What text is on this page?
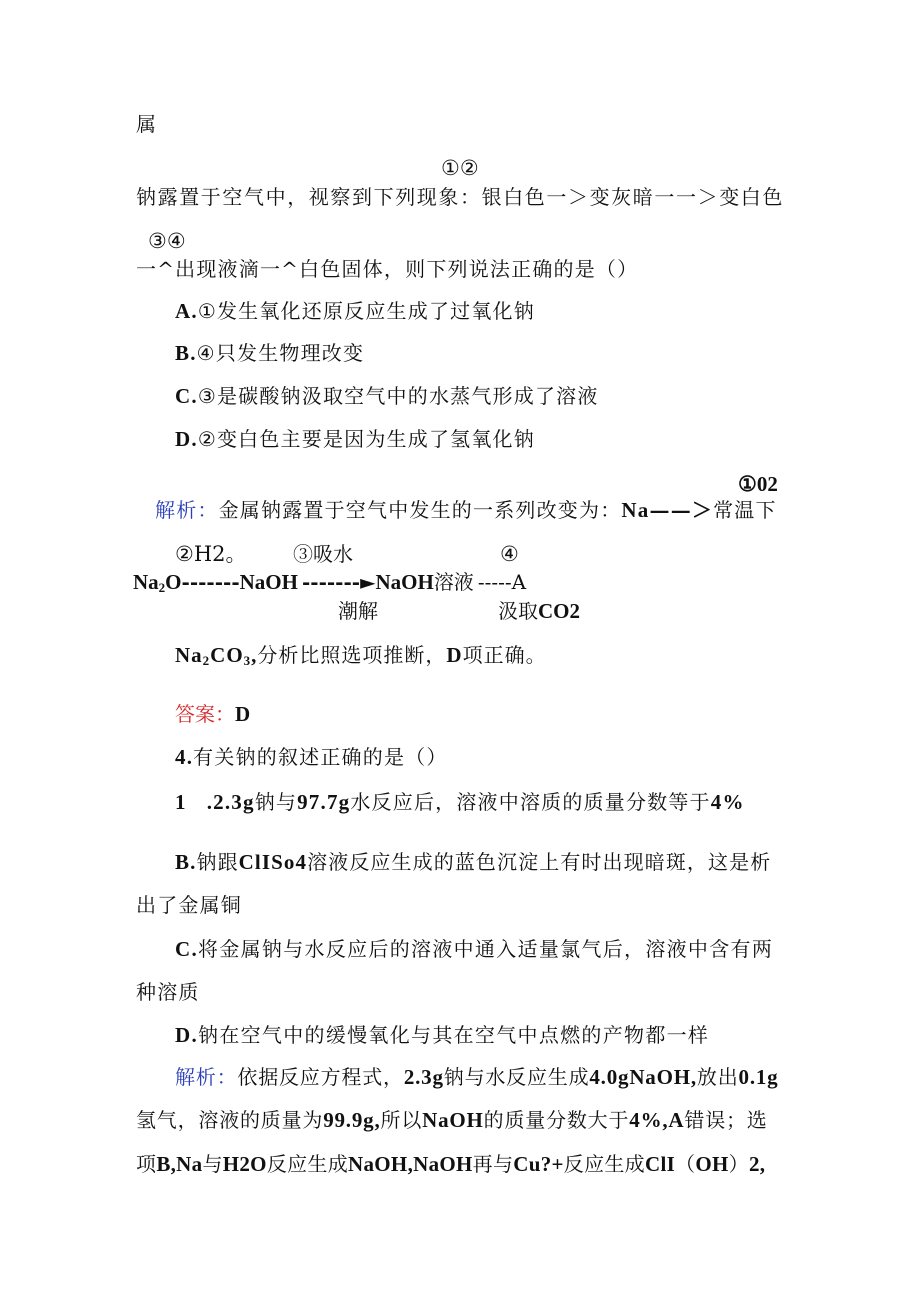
属
①②
钠露置于空气中，视察到下列现象：银白色一＞变灰暗一一＞变白色
③④
一^出现液滴一^白色固体，则下列说法正确的是（）
A.①发生氧化还原反应生成了过氧化钠
B.④只发生物理改变
C.③是碳酸钠汲取空气中的水蒸气形成了溶液
D.②变白色主要是因为生成了氢氧化钠
①02
解析：金属钠露置于空气中发生的一系列改变为：Na——＞常温下
②H2。 ③吸水	④
$Na_2O------$-NaOH -------►NaOH溶液 -----A
潮解	汲取CO2
$Na_2CO_3$,分析比照选项推断，D项正确。
答案：D
4.有关钠的叙述正确的是（）
1 .2.3g钠与97.7g水反应后，溶液中溶质的质量分数等于4%
B.钠跟ClISo4溶液反应生成的蓝色沉淀上有时出现暗斑，这是析
出了金属铜
C.将金属钠与水反应后的溶液中通入适量氯气后，溶液中含有两
种溶质
D.钠在空气中的缓慢氧化与其在空气中点燃的产物都一样
解析：依据反应方程式，2.3g钠与水反应生成4.0gNaOH,放出0.1g
氢气，溶液的质量为99.9g,所以NaOH的质量分数大于4%,A错误；选
项B,Na与H2O反应生成NaOH,NaOH再与Cu?+反应生成ClI（OH）2,
